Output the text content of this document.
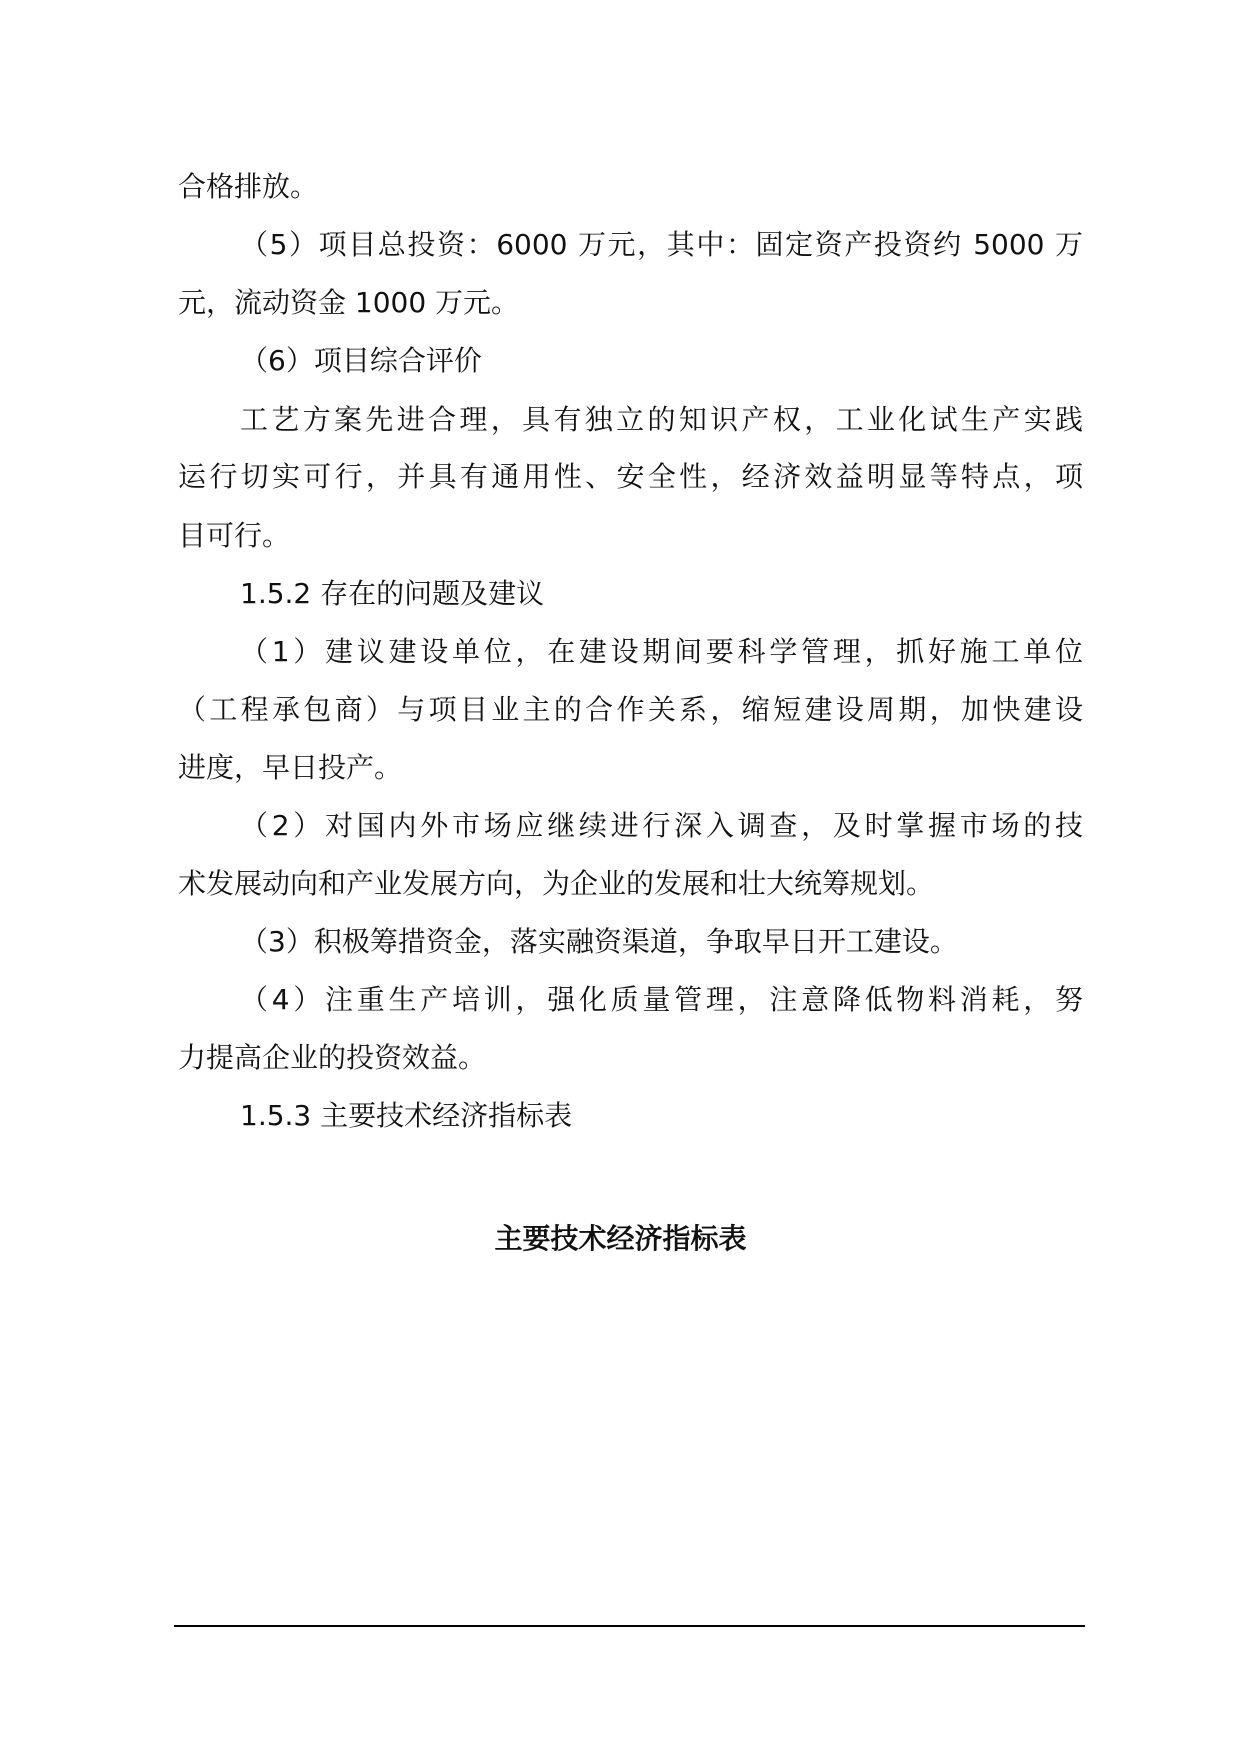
合格排放。
（5）项目总投资：6000 万元，其中：固定资产投资约 5000 万
元，流动资金 1000 万元。
（6）项目综合评价
工艺方案先进合理，具有独立的知识产权，工业化试生产实践
运行切实可行，并具有通用性、安全性，经济效益明显等特点，项
目可行。
1.5.2 存在的问题及建议
（1）建议建设单位，在建设期间要科学管理，抓好施工单位
（工程承包商）与项目业主的合作关系，缩短建设周期，加快建设
进度，早日投产。
（2）对国内外市场应继续进行深入调查，及时掌握市场的技
术发展动向和产业发展方向，为企业的发展和壮大统筹规划。
（3）积极筹措资金，落实融资渠道，争取早日开工建设。
（4）注重生产培训，强化质量管理，注意降低物料消耗，努
力提高企业的投资效益。
1.5.3 主要技术经济指标表
主要技术经济指标表
